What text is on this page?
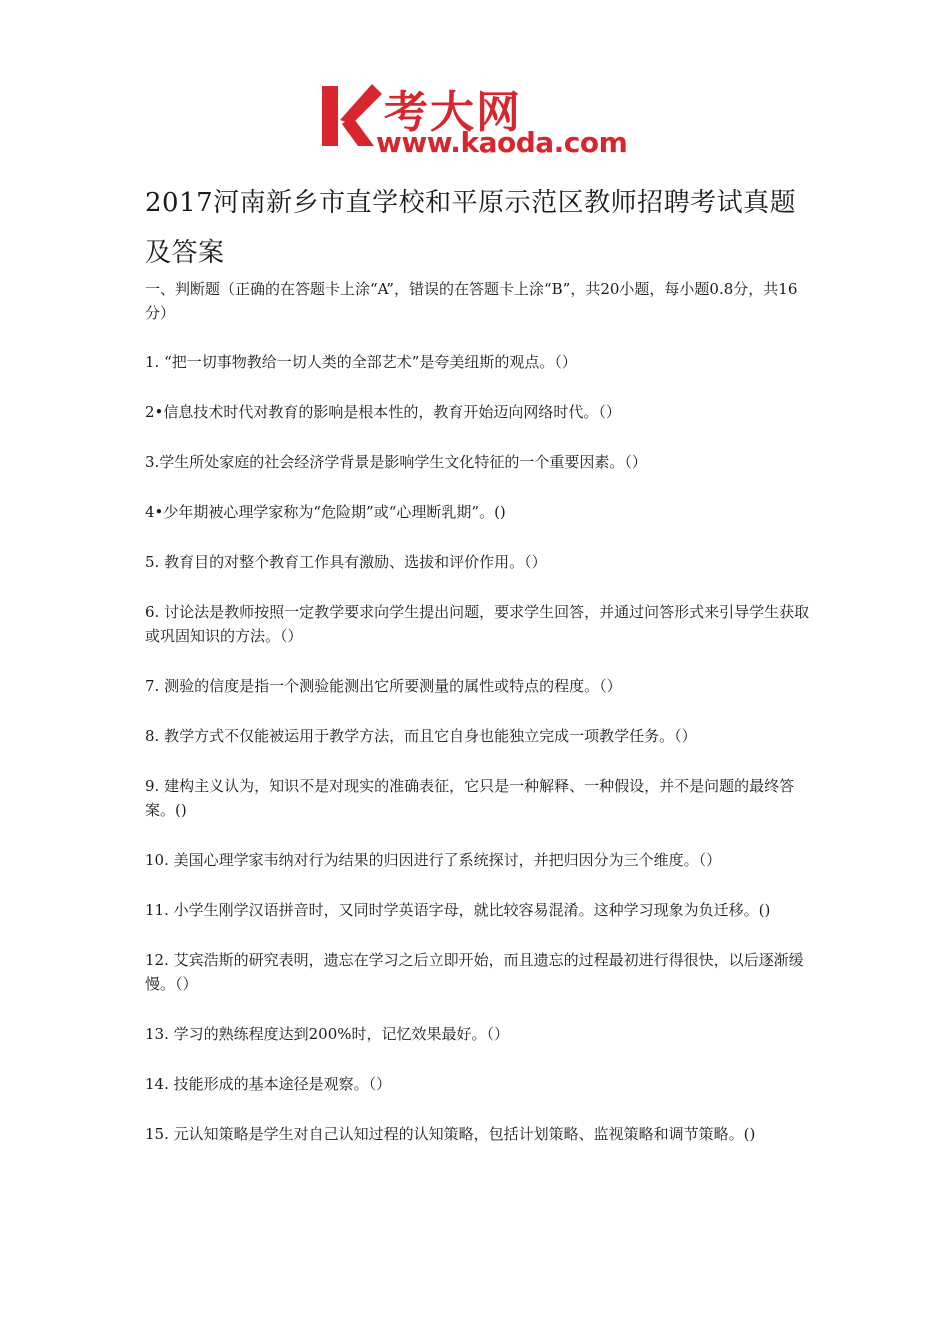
考大网
www.kaoda.com
2017河南新乡市直学校和平原示范区教师招聘考试真题及答案

一、判断题（正确的在答题卡上涂“A”，错误的在答题卡上涂“B”，共20小题，每小题0.8分，共16分）

1. “把一切事物教给一切人类的全部艺术”是夸美纽斯的观点。（）
2•信息技术时代对教育的影响是根本性的，教育开始迈向网络时代。（）
3.学生所处家庭的社会经济学背景是影响学生文化特征的一个重要因素。（）
4•少年期被心理学家称为“危险期”或“心理断乳期”。()
5. 教育目的对整个教育工作具有激励、选拔和评价作用。（）
6. 讨论法是教师按照一定教学要求向学生提出问题，要求学生回答，并通过问答形式来引导学生获取或巩固知识的方法。（）
7. 测验的信度是指一个测验能测出它所要测量的属性或特点的程度。（）
8. 教学方式不仅能被运用于教学方法，而且它自身也能独立完成一项教学任务。（）
9. 建构主义认为，知识不是对现实的准确表征，它只是一种解释、一种假设，并不是问题的最终答案。()
10. 美国心理学家韦纳对行为结果的归因进行了系统探讨，并把归因分为三个维度。（）
11. 小学生刚学汉语拼音时，又同时学英语字母，就比较容易混淆。这种学习现象为负迁移。()
12. 艾宾浩斯的研究表明，遗忘在学习之后立即开始，而且遗忘的过程最初进行得很快，以后逐渐缓慢。（）
13. 学习的熟练程度达到200%时，记忆效果最好。（）
14. 技能形成的基本途径是观察。（）
15. 元认知策略是学生对自己认知过程的认知策略，包括计划策略、监视策略和调节策略。()
